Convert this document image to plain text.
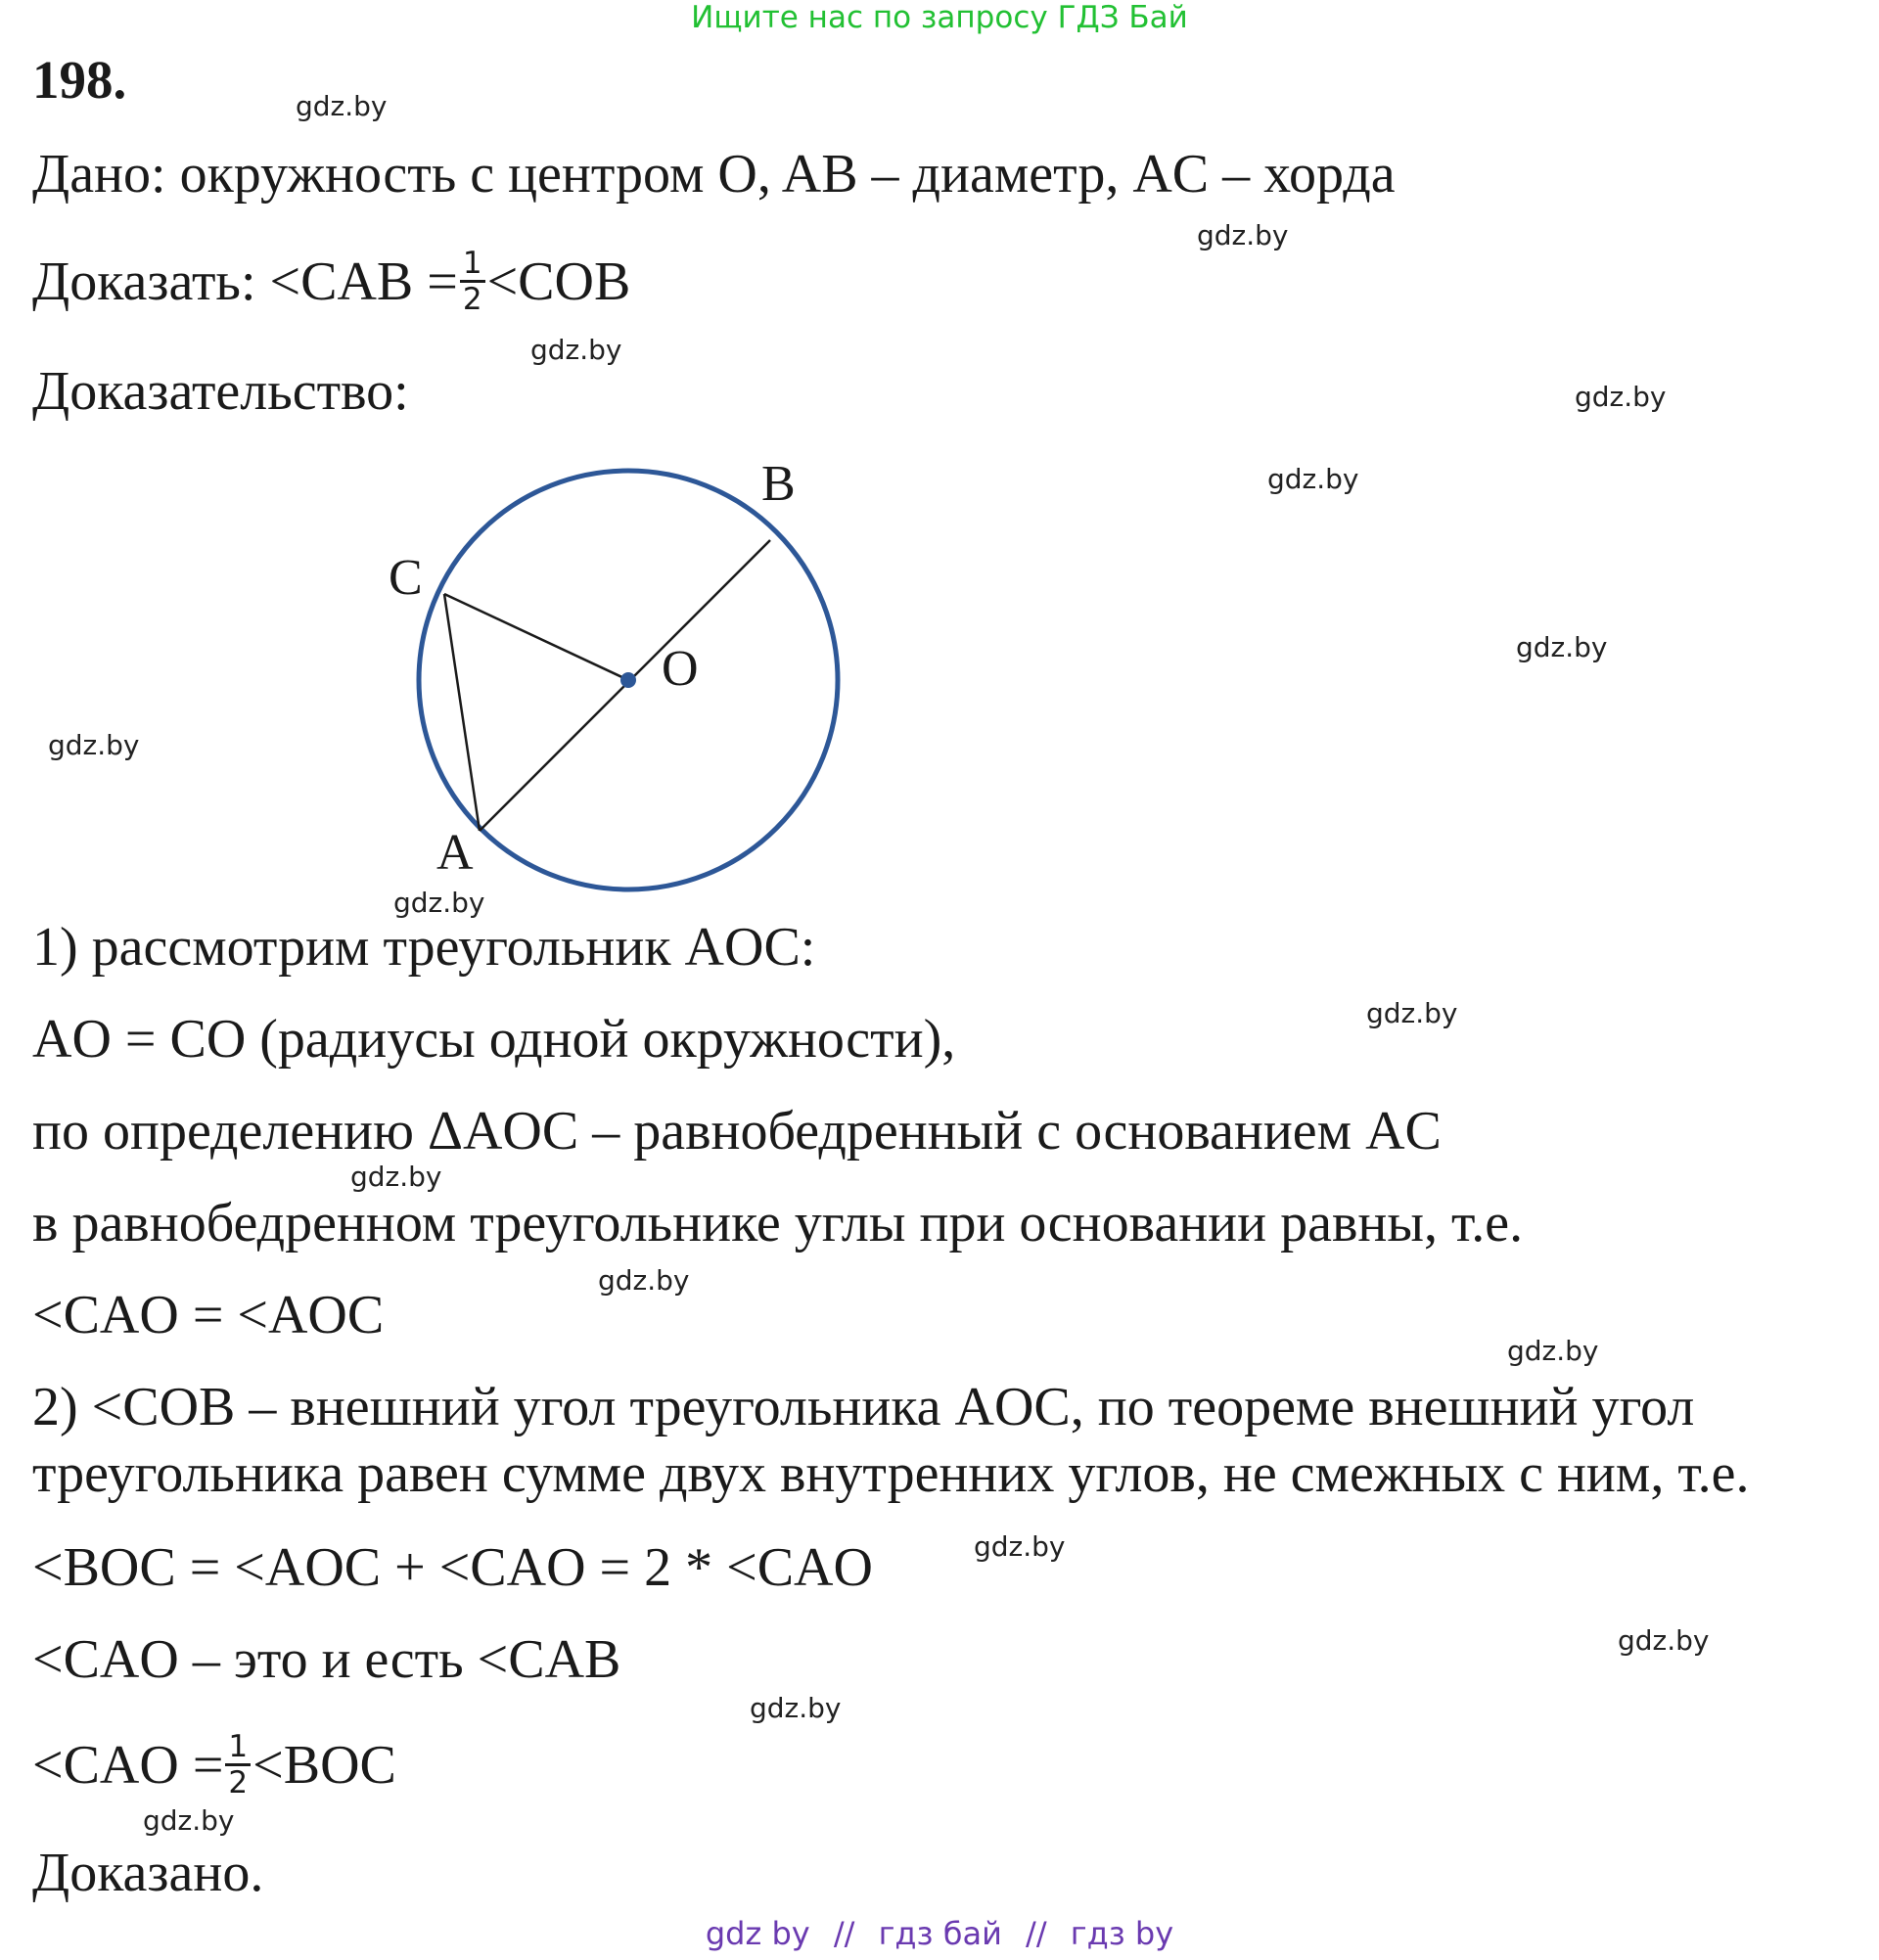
Ищите нас по запросу ГДЗ Бай
198.
Дано: окружность с центром O, AB – диаметр, AC – хорда
Доказать: $<CAB = \frac{1}{2} <COB$
Доказательство:
B
C
O
A
1) рассмотрим треугольник AOC:
AO = CO (радиусы одной окружности),
по определению ΔAOC – равнобедренный с основанием AC
в равнобедренном треугольнике углы при основании равны, т.е.
<CAO = <AOC
2) <COB – внешний угол треугольника AOC, по теореме внешний угол
треугольника равен сумме двух внутренних углов, не смежных с ним, т.е.
<BOC = <AOC + <CAO = 2 * <CAO
<CAO – это и есть <CAB
$<CAO = \frac{1}{2} <BOC$
Доказано.
gdz.by
gdz.by
gdz.by
gdz.by
gdz.by
gdz.by
gdz.by
gdz.by
gdz.by
gdz.by
gdz.by
gdz.by
gdz.by
gdz.by
gdz.by
gdz.by
gdz by // гдз бай // гдз by
